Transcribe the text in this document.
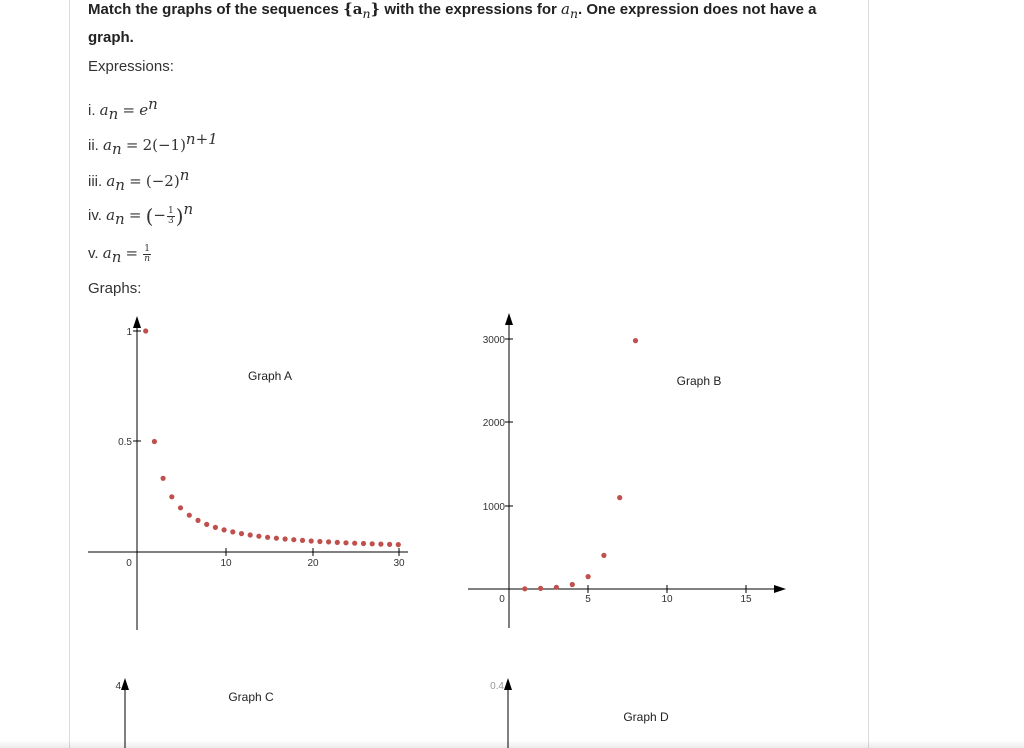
Match the graphs of the sequences $\{a_n\}$ with the expressions for $a_n$. One expression does not have a graph.
Expressions:
i. $a_n = e^n$
ii. $a_n = 2(-1)^{n+1}$
iii. $a_n = (-2)^n$
iv. $a_n$ = (− $\frac{1}{3} )^n$
v. $a_n = \frac{1}{n}$
Graphs:
1
0.5
0	10	20	30
Graph A
3000
2000
1000
0	5	10	15
Graph B
4
Graph C
0.4
Graph D
